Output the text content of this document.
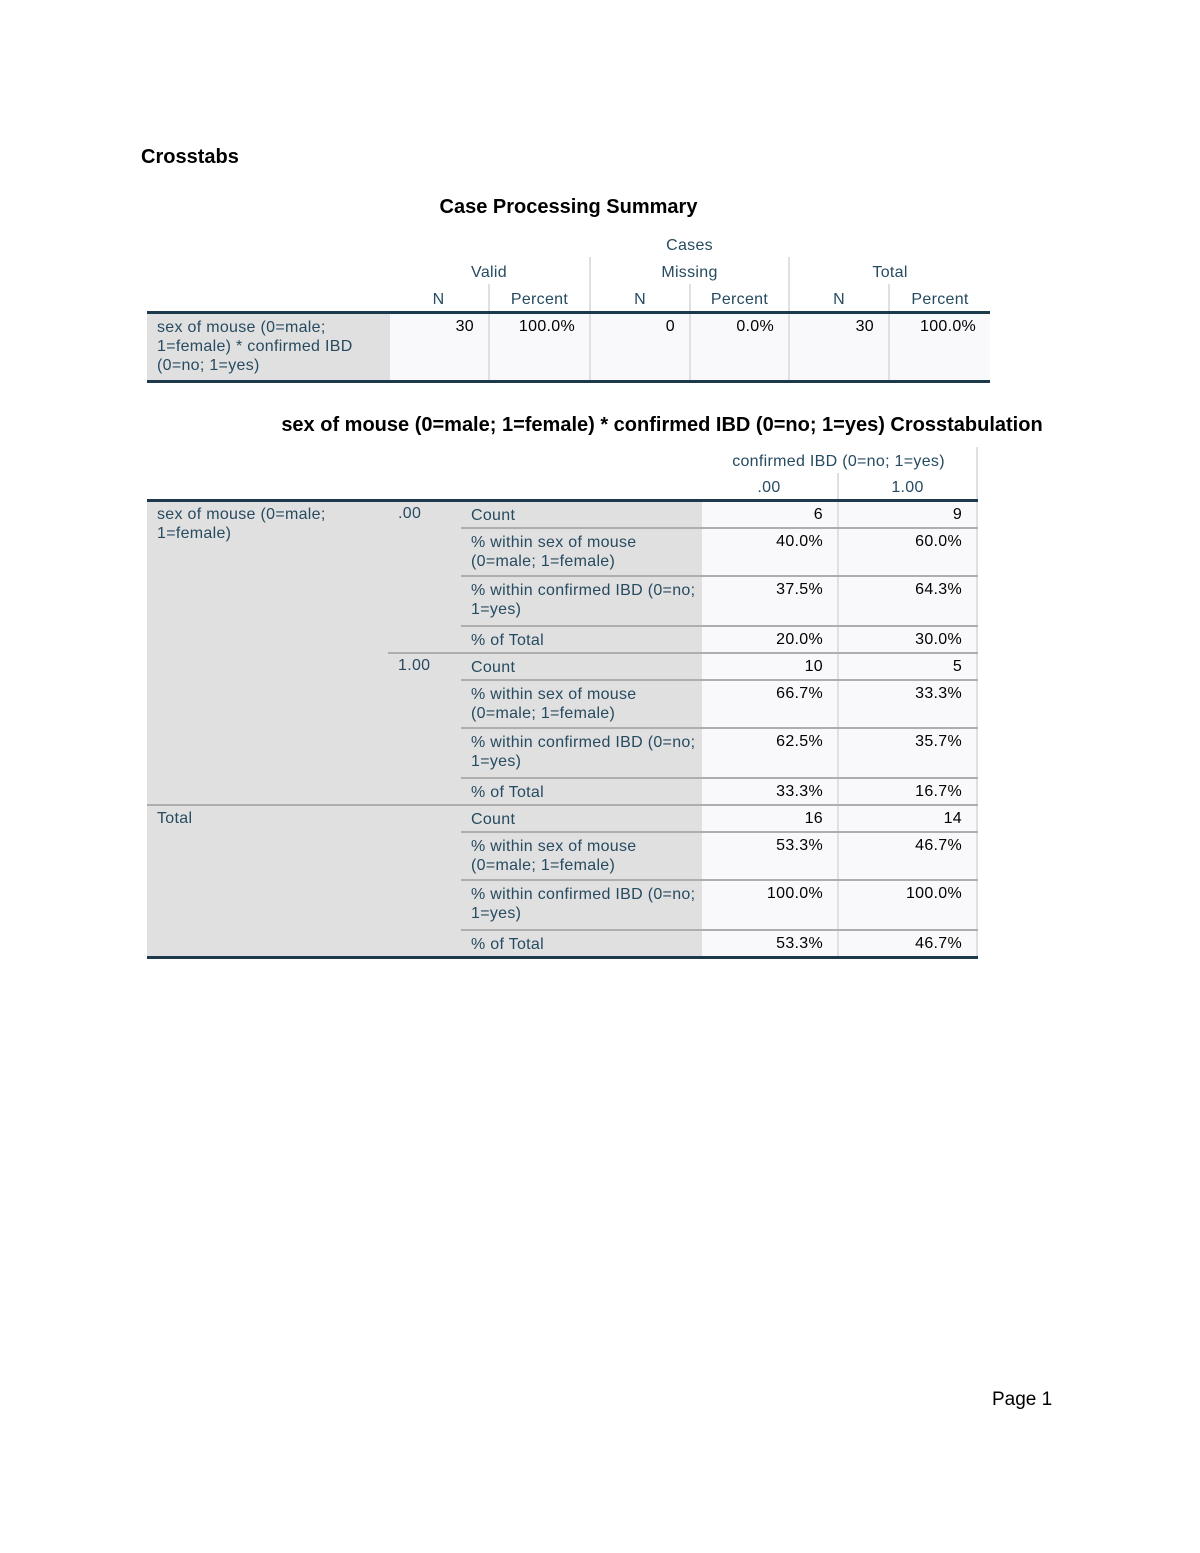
Crosstabs
Case Processing Summary
	Cases					
	Valid		Missing		Total	
	N	Percent	N	Percent	N	Percent
sex of mouse (0=male; 1=female) * confirmed IBD (0=no; 1=yes)	30	100.0%	0	0.0%	30	100.0%
sex of mouse (0=male; 1=female) * confirmed IBD (0=no; 1=yes) Crosstabulation
			confirmed IBD (0=no; 1=yes)	
			.00	1.00
sex of mouse (0=male; 1=female)	.00	Count	6	9
		% within sex of mouse (0=male; 1=female)	40.0%	60.0%
		% within confirmed IBD (0=no; 1=yes)	37.5%	64.3%
		% of Total	20.0%	30.0%
	1.00	Count	10	5
		% within sex of mouse (0=male; 1=female)	66.7%	33.3%
		% within confirmed IBD (0=no; 1=yes)	62.5%	35.7%
		% of Total	33.3%	16.7%
Total		Count	16	14
		% within sex of mouse (0=male; 1=female)	53.3%	46.7%
		% within confirmed IBD (0=no; 1=yes)	100.0%	100.0%
		% of Total	53.3%	46.7%
Page 1
